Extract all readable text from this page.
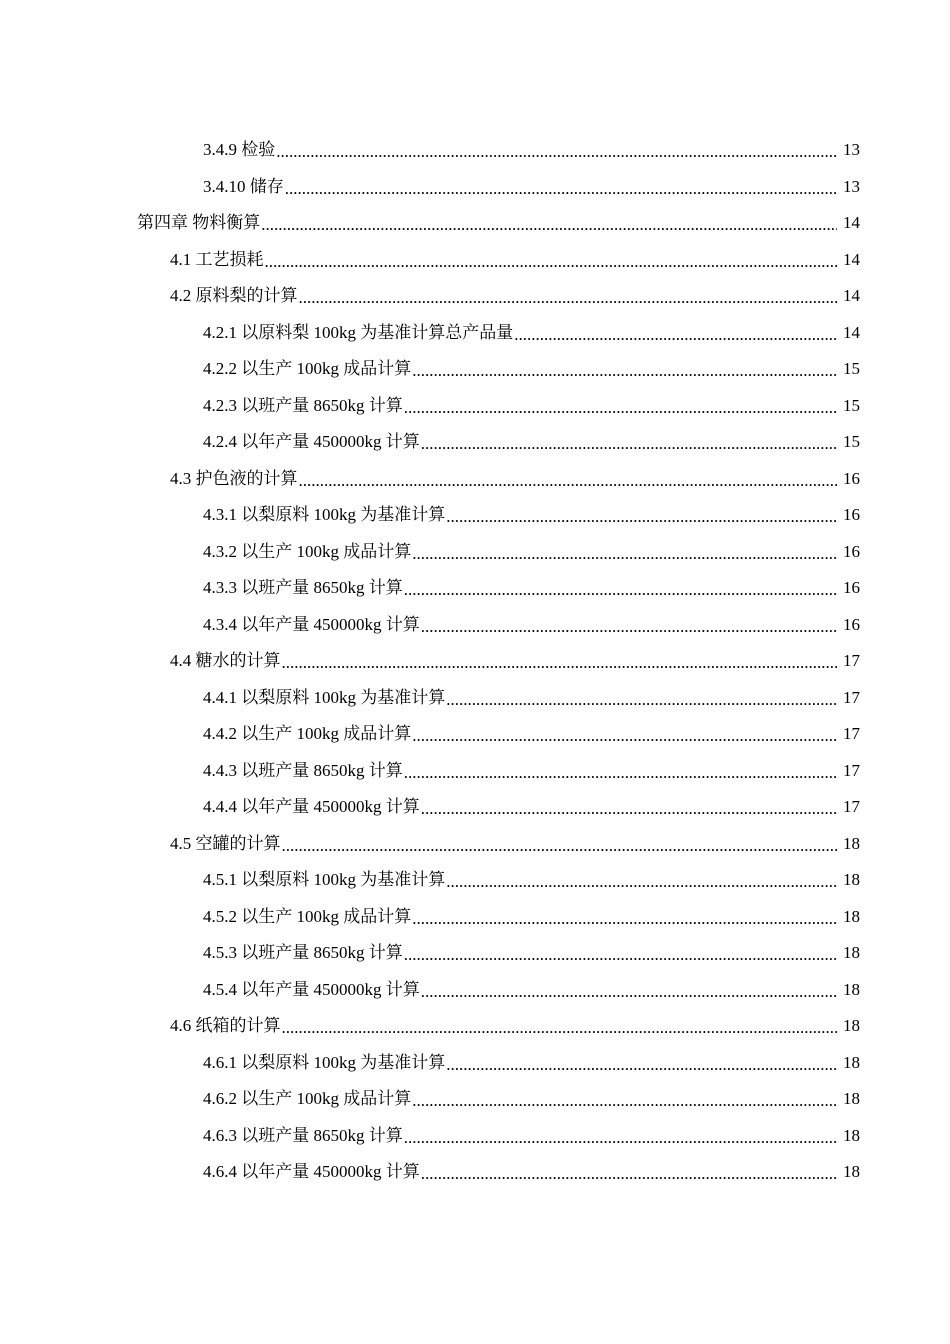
3.4.9 检验 .....	13
3.4.10 储存 .....	13
第四章 物料衡算 .....	14
4.1 工艺损耗 .....	14
4.2 原料梨的计算 .....	14
4.2.1 以原料梨 100kg 为基准计算总产品量 .....	14
4.2.2 以生产 100kg 成品计算 .....	15
4.2.3 以班产量 8650kg 计算 .....	15
4.2.4 以年产量 450000kg 计算 .....	15
4.3 护色液的计算 .....	16
4.3.1 以梨原料 100kg 为基准计算 .....	16
4.3.2 以生产 100kg 成品计算 .....	16
4.3.3 以班产量 8650kg 计算 .....	16
4.3.4 以年产量 450000kg 计算 .....	16
4.4 糖水的计算 .....	17
4.4.1 以梨原料 100kg 为基准计算 .....	17
4.4.2 以生产 100kg 成品计算 .....	17
4.4.3 以班产量 8650kg 计算 .....	17
4.4.4 以年产量 450000kg 计算 .....	17
4.5 空罐的计算 .....	18
4.5.1 以梨原料 100kg 为基准计算 .....	18
4.5.2 以生产 100kg 成品计算 .....	18
4.5.3 以班产量 8650kg 计算 .....	18
4.5.4 以年产量 450000kg 计算 .....	18
4.6 纸箱的计算 .....	18
4.6.1 以梨原料 100kg 为基准计算 .....	18
4.6.2 以生产 100kg 成品计算 .....	18
4.6.3 以班产量 8650kg 计算 .....	18
4.6.4 以年产量 450000kg 计算 .....	18
